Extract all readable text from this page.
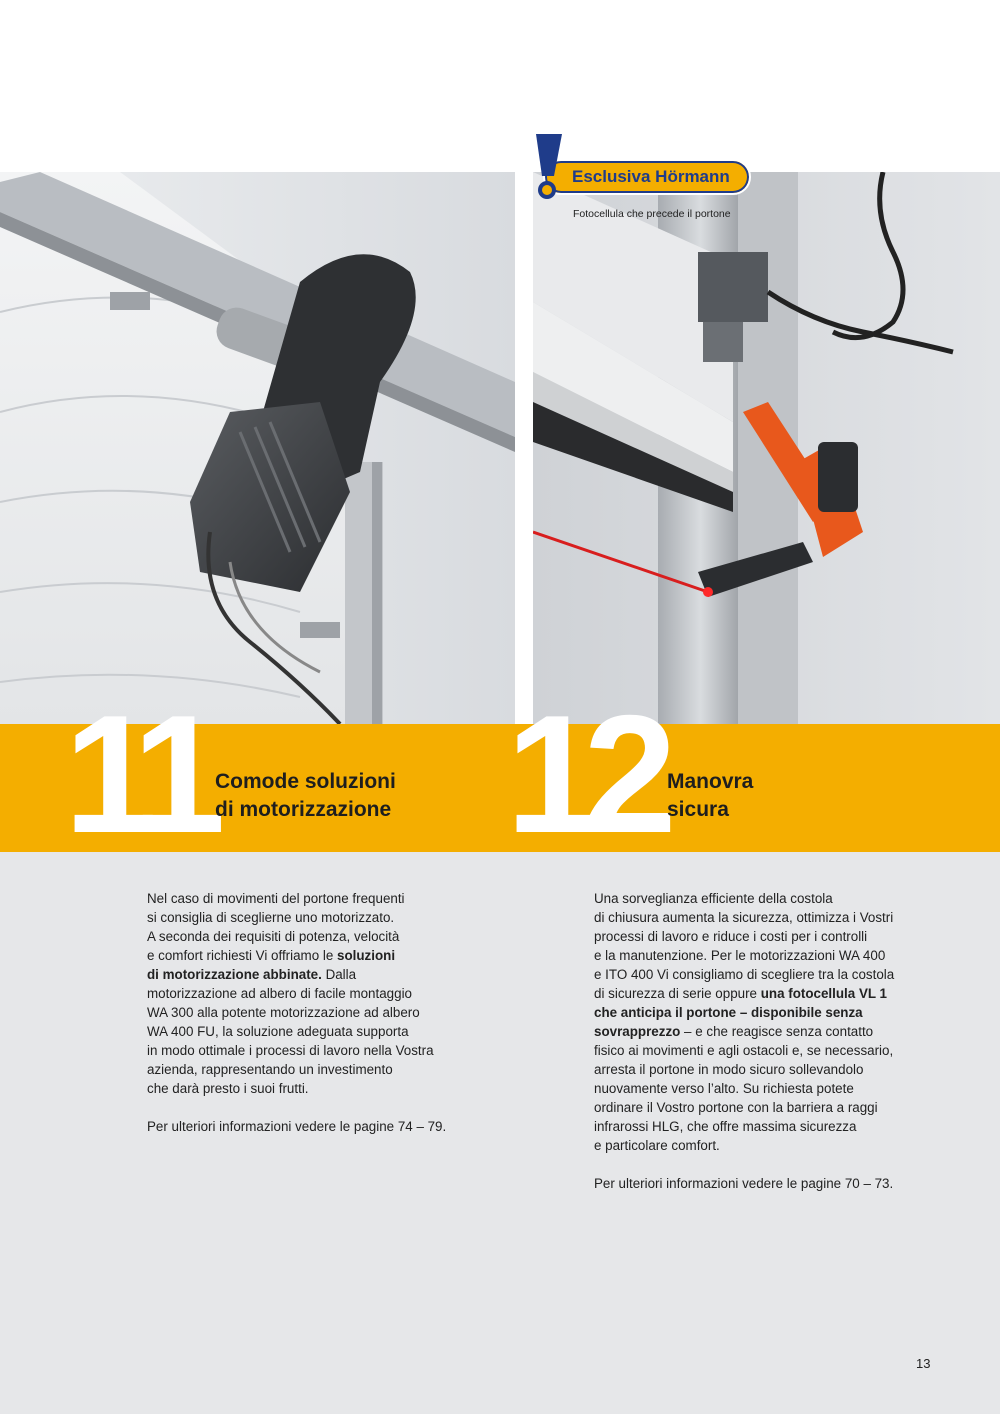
Esclusiva Hörmann
Fotocellula che precede il portone
11 Comode soluzioni
di motorizzazione 12 Manovra
sicura
Nel caso di movimenti del portone frequenti
si consiglia di sceglierne uno motorizzato.
A seconda dei requisiti di potenza, velocità
e comfort richiesti Vi offriamo le soluzioni
di motorizzazione abbinate. Dalla
motorizzazione ad albero di facile montaggio
WA 300 alla potente motorizzazione ad albero
WA 400 FU, la soluzione adeguata supporta
in modo ottimale i processi di lavoro nella Vostra
azienda, rappresentando un investimento
che darà presto i suoi frutti.
Per ulteriori informazioni vedere le pagine 74 – 79.
Una sorveglianza efficiente della costola
di chiusura aumenta la sicurezza, ottimizza i Vostri
processi di lavoro e riduce i costi per i controlli
e la manutenzione. Per le motorizzazioni WA 400
e ITO 400 Vi consigliamo di scegliere tra la costola
di sicurezza di serie oppure una fotocellula VL 1
che anticipa il portone – disponibile senza
sovrapprezzo – e che reagisce senza contatto
fisico ai movimenti e agli ostacoli e, se necessario,
arresta il portone in modo sicuro sollevandolo
nuovamente verso l’alto. Su richiesta potete
ordinare il Vostro portone con la barriera a raggi
infrarossi HLG, che offre massima sicurezza
e particolare comfort.
Per ulteriori informazioni vedere le pagine 70 – 73.
13
